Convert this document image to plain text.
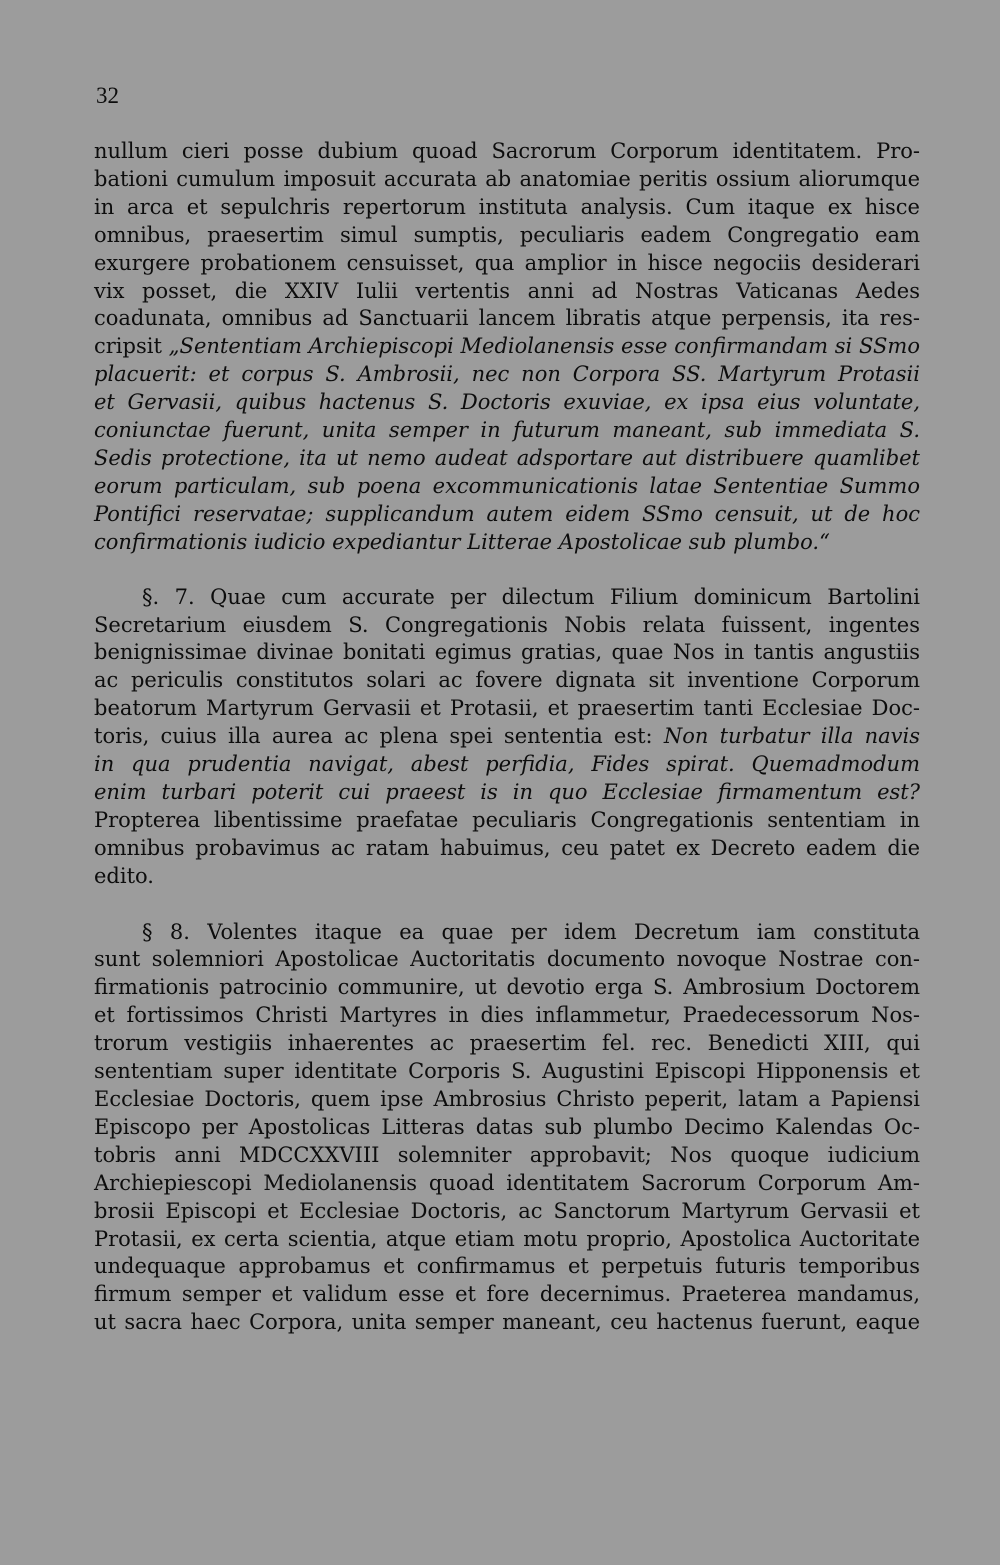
32

nullum cieri posse dubium quoad Sacrorum Corporum identitatem. Pro-
bationi cumulum imposuit accurata ab anatomiae peritis ossium aliorumque
in arca et sepulchris repertorum instituta analysis. Cum itaque ex hisce
omnibus, praesertim simul sumptis, peculiaris eadem Congregatio eam
exurgere probationem censuisset, qua amplior in hisce negociis desiderari
vix posset, die XXIV Iulii vertentis anni ad Nostras Vaticanas Aedes
coadunata, omnibus ad Sanctuarii lancem libratis atque perpensis, ita res-
cripsit „Sententiam Archiepiscopi Mediolanensis esse confirmandam si SSmo
placuerit: et corpus S. Ambrosii, nec non Corpora SS. Martyrum Protasii
et Gervasii, quibus hactenus S. Doctoris exuviae, ex ipsa eius voluntate,
coniunctae fuerunt, unita semper in futurum maneant, sub immediata S.
Sedis protectione, ita ut nemo audeat adsportare aut distribuere quamlibet
eorum particulam, sub poena excommunicationis latae Sententiae Summo
Pontifici reservatae; supplicandum autem eidem SSmo censuit, ut de hoc
confirmationis iudicio expediantur Litterae Apostolicae sub plumbo.“

§. 7. Quae cum accurate per dilectum Filium dominicum Bartolini
Secretarium eiusdem S. Congregationis Nobis relata fuissent, ingentes
benignissimae divinae bonitati egimus gratias, quae Nos in tantis angustiis
ac periculis constitutos solari ac fovere dignata sit inventione Corporum
beatorum Martyrum Gervasii et Protasii, et praesertim tanti Ecclesiae Doc-
toris, cuius illa aurea ac plena spei sententia est: Non turbatur illa navis
in qua prudentia navigat, abest perfidia, Fides spirat. Quemadmodum
enim turbari poterit cui praeest is in quo Ecclesiae firmamentum est?
Propterea libentissime praefatae peculiaris Congregationis sententiam in
omnibus probavimus ac ratam habuimus, ceu patet ex Decreto eadem die
edito.

§ 8. Volentes itaque ea quae per idem Decretum iam constituta
sunt solemniori Apostolicae Auctoritatis documento novoque Nostrae con-
firmationis patrocinio communire, ut devotio erga S. Ambrosium Doctorem
et fortissimos Christi Martyres in dies inflammetur, Praedecessorum Nos-
trorum vestigiis inhaerentes ac praesertim fel. rec. Benedicti XIII, qui
sententiam super identitate Corporis S. Augustini Episcopi Hipponensis et
Ecclesiae Doctoris, quem ipse Ambrosius Christo peperit, latam a Papiensi
Episcopo per Apostolicas Litteras datas sub plumbo Decimo Kalendas Oc-
tobris anni MDCCXXVIII solemniter approbavit; Nos quoque iudicium
Archiepiescopi Mediolanensis quoad identitatem Sacrorum Corporum Am-
brosii Episcopi et Ecclesiae Doctoris, ac Sanctorum Martyrum Gervasii et
Protasii, ex certa scientia, atque etiam motu proprio, Apostolica Auctoritate
undequaque approbamus et confirmamus et perpetuis futuris temporibus
firmum semper et validum esse et fore decernimus. Praeterea mandamus,
ut sacra haec Corpora, unita semper maneant, ceu hactenus fuerunt, eaque
